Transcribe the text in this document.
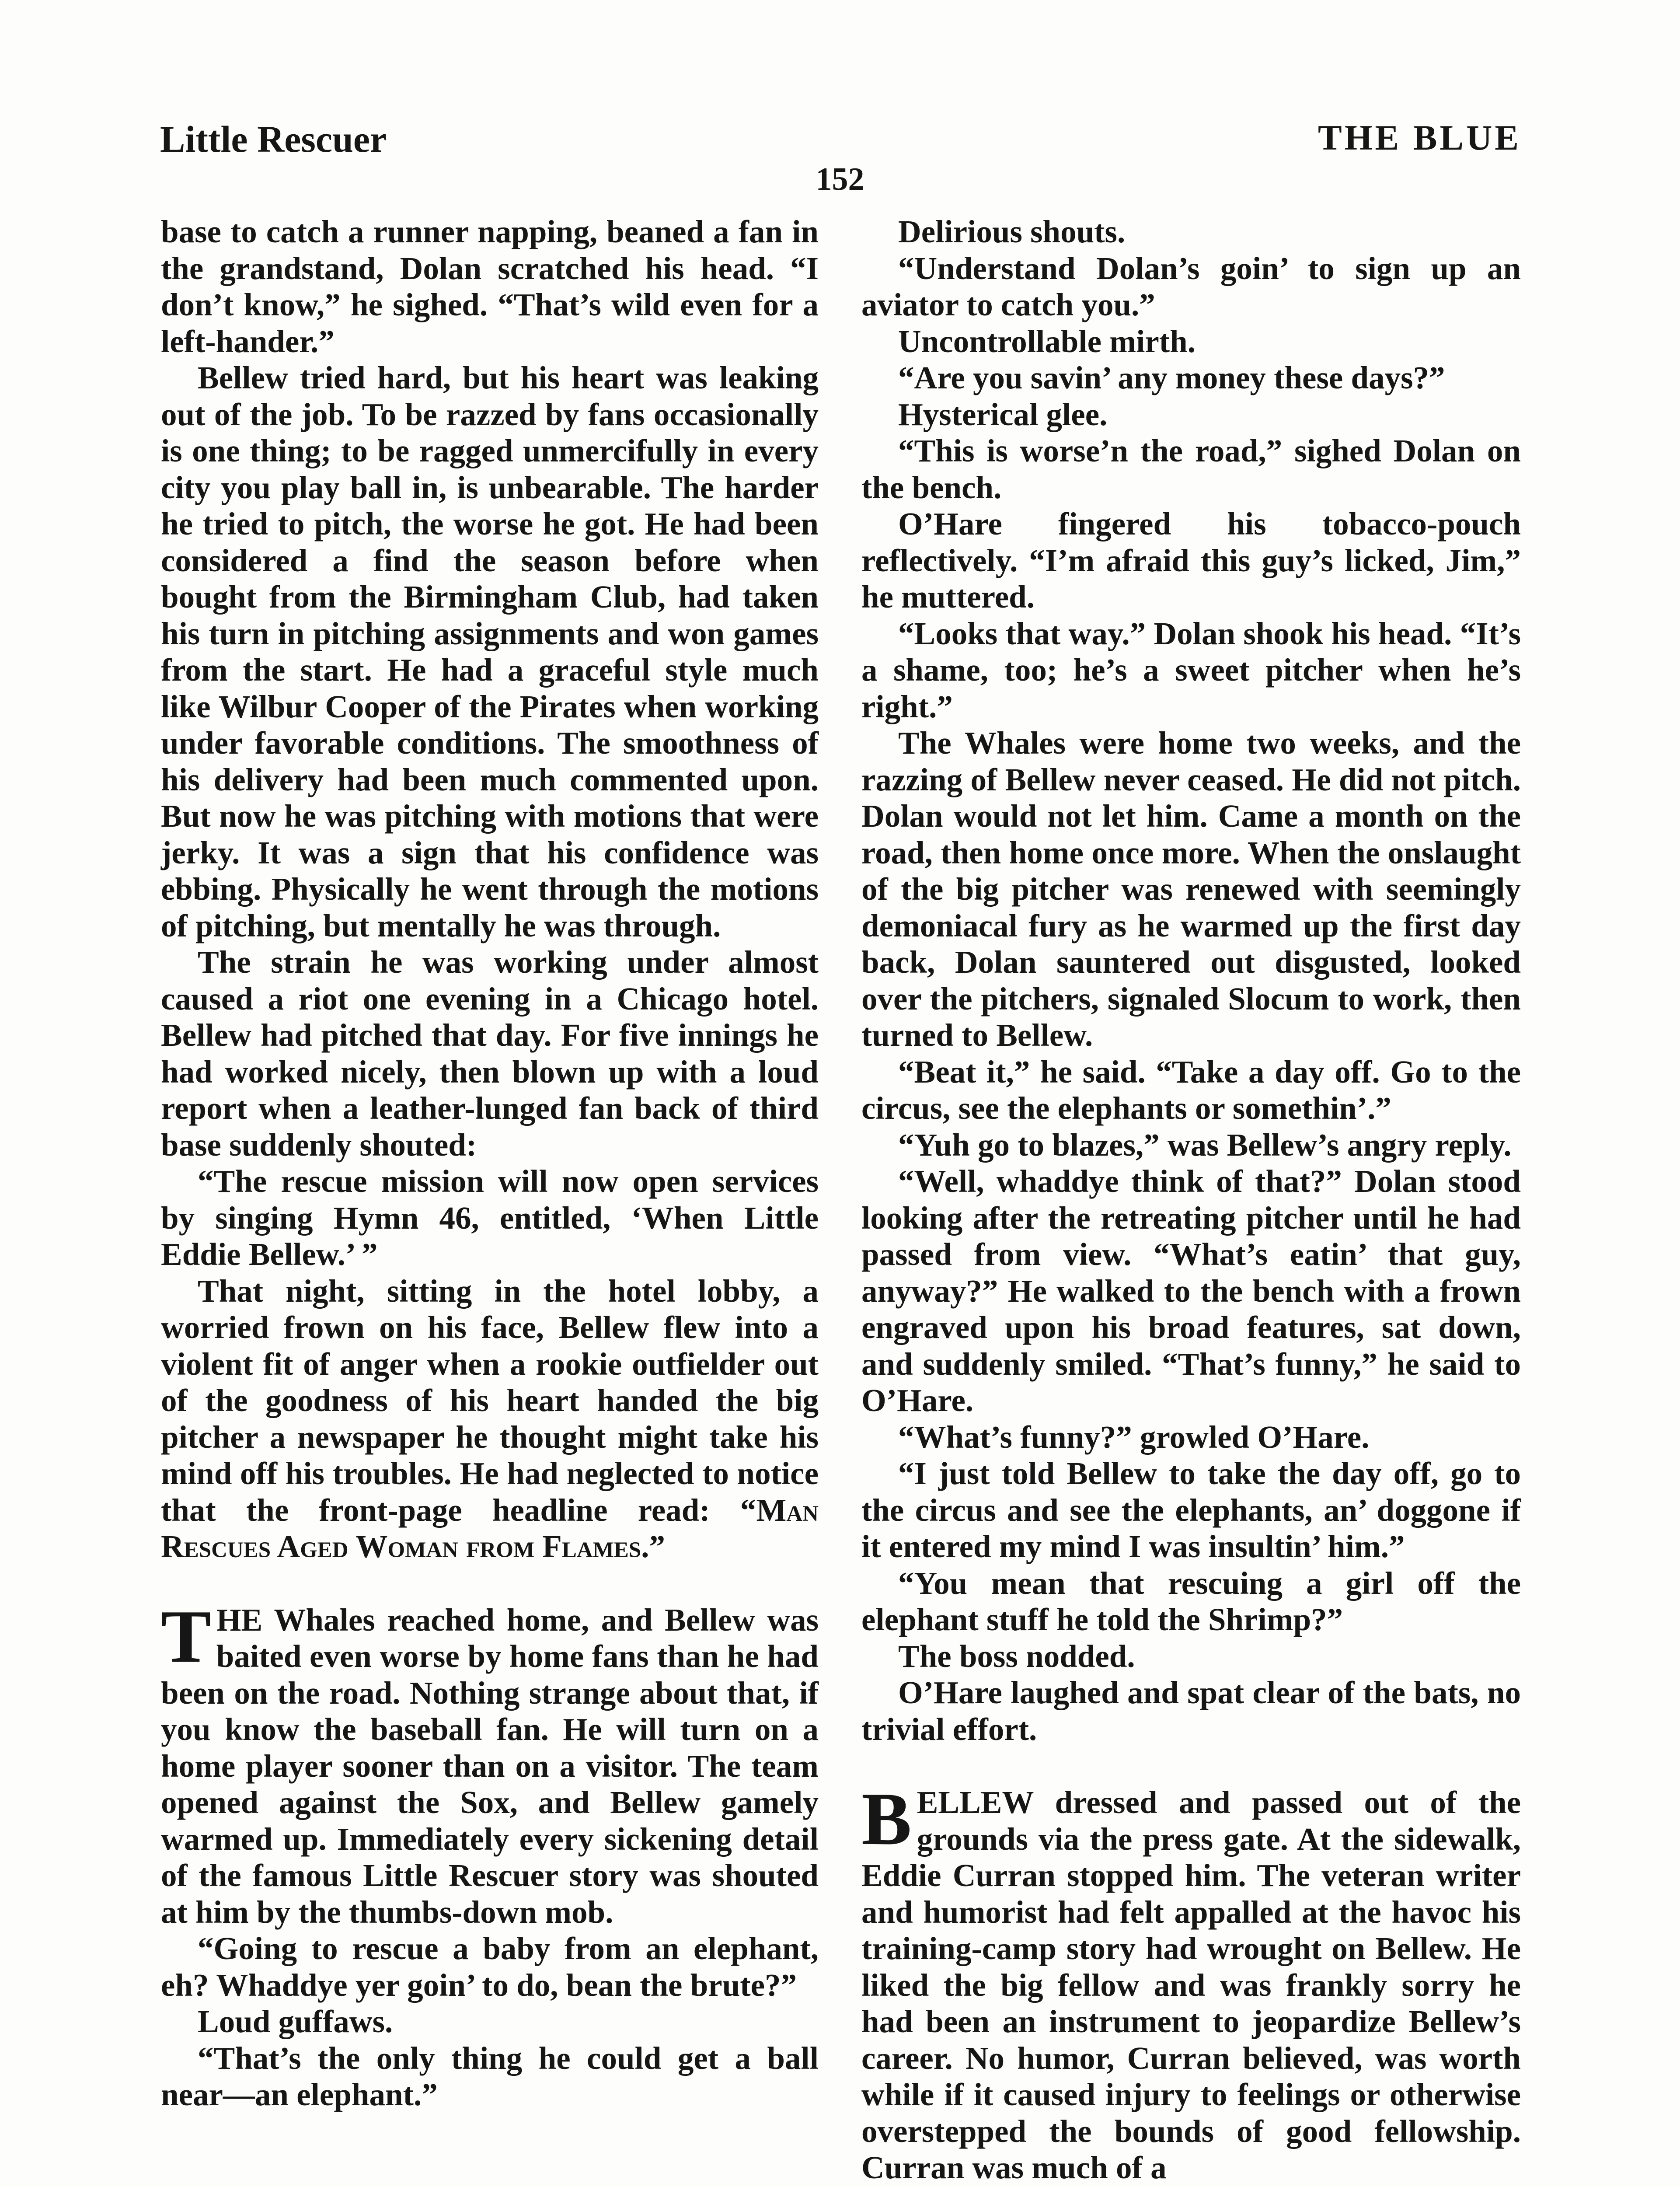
Little Rescuer	THE BLUE
152

base to catch a runner napping, beaned a fan in the grandstand, Dolan scratched his head. “I don’t know,” he sighed. “That’s wild even for a left-hander.”

Bellew tried hard, but his heart was leaking out of the job. To be razzed by fans occasionally is one thing; to be ragged unmercifully in every city you play ball in, is unbearable. The harder he tried to pitch, the worse he got. He had been considered a find the season before when bought from the Birmingham Club, had taken his turn in pitching assignments and won games from the start. He had a graceful style much like Wilbur Cooper of the Pirates when working under favorable conditions. The smoothness of his delivery had been much commented upon. But now he was pitching with motions that were jerky. It was a sign that his confidence was ebbing. Physically he went through the motions of pitching, but mentally he was through.

The strain he was working under almost caused a riot one evening in a Chicago hotel. Bellew had pitched that day. For five innings he had worked nicely, then blown up with a loud report when a leather-lunged fan back of third base suddenly shouted:

“The rescue mission will now open services by singing Hymn 46, entitled, ‘When Little Eddie Bellew.’ ”

That night, sitting in the hotel lobby, a worried frown on his face, Bellew flew into a violent fit of anger when a rookie outfielder out of the goodness of his heart handed the big pitcher a newspaper he thought might take his mind off his troubles. He had neglected to notice that the front-page headline read: “Man Rescues Aged Woman from Flames.”

THE Whales reached home, and Bellew was baited even worse by home fans than he had been on the road. Nothing strange about that, if you know the baseball fan. He will turn on a home player sooner than on a visitor. The team opened against the Sox, and Bellew gamely warmed up. Immediately every sickening detail of the famous Little Rescuer story was shouted at him by the thumbs-down mob.

“Going to rescue a baby from an elephant, eh? Whaddye yer goin’ to do, bean the brute?”

Loud guffaws.

“That’s the only thing he could get a ball near—an elephant.”

Delirious shouts.

“Understand Dolan’s goin’ to sign up an aviator to catch you.”

Uncontrollable mirth.

“Are you savin’ any money these days?”

Hysterical glee.

“This is worse’n the road,” sighed Dolan on the bench.

O’Hare fingered his tobacco-pouch reflectively. “I’m afraid this guy’s licked, Jim,” he muttered.

“Looks that way.” Dolan shook his head. “It’s a shame, too; he’s a sweet pitcher when he’s right.”

The Whales were home two weeks, and the razzing of Bellew never ceased. He did not pitch. Dolan would not let him. Came a month on the road, then home once more. When the onslaught of the big pitcher was renewed with seemingly demoniacal fury as he warmed up the first day back, Dolan sauntered out disgusted, looked over the pitchers, signaled Slocum to work, then turned to Bellew.

“Beat it,” he said. “Take a day off. Go to the circus, see the elephants or somethin’.”

“Yuh go to blazes,” was Bellew’s angry reply.

“Well, whaddye think of that?” Dolan stood looking after the retreating pitcher until he had passed from view. “What’s eatin’ that guy, anyway?” He walked to the bench with a frown engraved upon his broad features, sat down, and suddenly smiled. “That’s funny,” he said to O’Hare.

“What’s funny?” growled O’Hare.

“I just told Bellew to take the day off, go to the circus and see the elephants, an’ doggone if it entered my mind I was insultin’ him.”

“You mean that rescuing a girl off the elephant stuff he told the Shrimp?”

The boss nodded.

O’Hare laughed and spat clear of the bats, no trivial effort.

BELLEW dressed and passed out of the grounds via the press gate. At the sidewalk, Eddie Curran stopped him. The veteran writer and humorist had felt appalled at the havoc his training-camp story had wrought on Bellew. He liked the big fellow and was frankly sorry he had been an instrument to jeopardize Bellew’s career. No humor, Curran believed, was worth while if it caused injury to feelings or otherwise overstepped the bounds of good fellowship. Curran was much of a
